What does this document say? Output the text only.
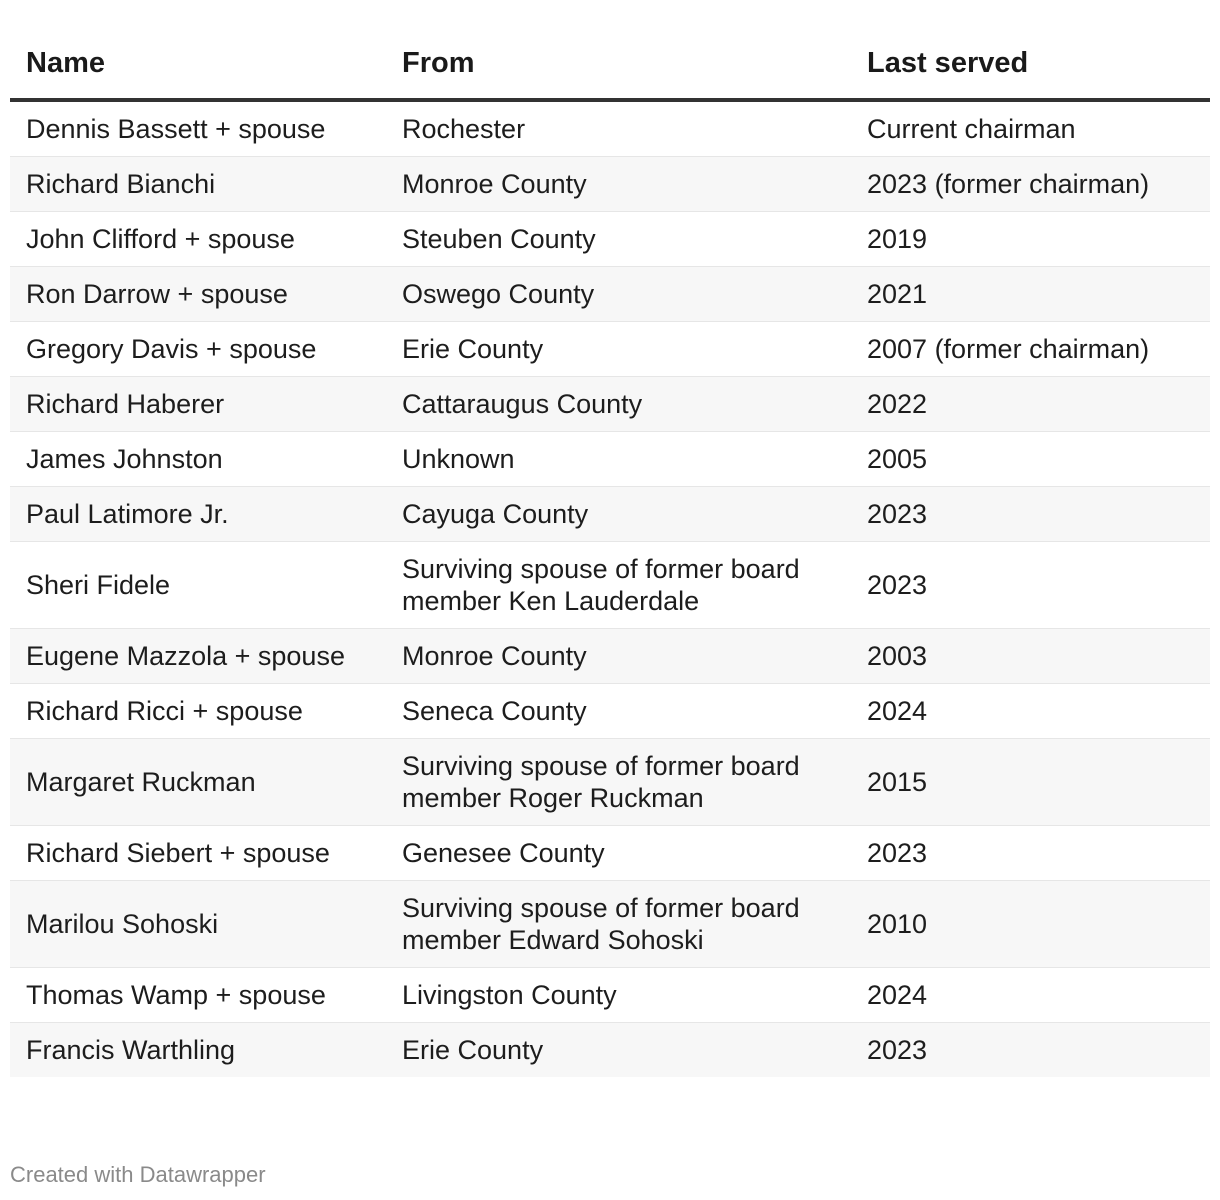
Name	From	Last served
Dennis Bassett + spouse	Rochester	Current chairman
Richard Bianchi	Monroe County	2023 (former chairman)
John Clifford + spouse	Steuben County	2019
Ron Darrow + spouse	Oswego County	2021
Gregory Davis + spouse	Erie County	2007 (former chairman)
Richard Haberer	Cattaraugus County	2022
James Johnston	Unknown	2005
Paul Latimore Jr.	Cayuga County	2023
Sheri Fidele	Surviving spouse of former board member Ken Lauderdale	2023
Eugene Mazzola + spouse	Monroe County	2003
Richard Ricci + spouse	Seneca County	2024
Margaret Ruckman	Surviving spouse of former board member Roger Ruckman	2015
Richard Siebert + spouse	Genesee County	2023
Marilou Sohoski	Surviving spouse of former board member Edward Sohoski	2010
Thomas Wamp + spouse	Livingston County	2024
Francis Warthling	Erie County	2023
Created with Datawrapper
